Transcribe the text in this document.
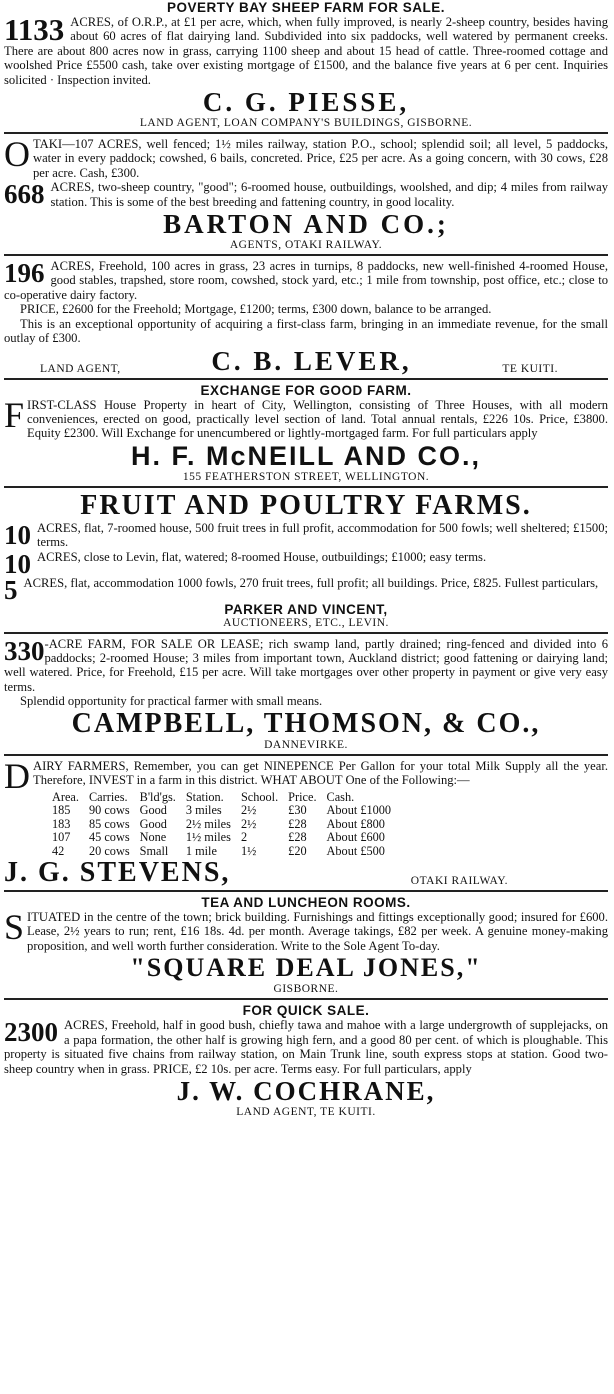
POVERTY BAY SHEEP FARM FOR SALE.

1133 ACRES, of O.R.P., at £1 per acre, which, when fully improved, is nearly 2-sheep country, besides having about 60 acres of flat dairying land. Subdivided into six paddocks, well watered by permanent creeks. There are about 800 acres now in grass, carrying 1100 sheep and about 15 head of cattle. Three-roomed cottage and woolshed Price £5500 cash, take over existing mortgage of £1500, and the balance five years at 6 per cent. Inquiries solicited · Inspection invited.

C. G. PIESSE,
LAND AGENT, LOAN COMPANY'S BUILDINGS, GISBORNE.

OTAKI—107 ACRES, well fenced; 1½ miles railway, station P.O., school; splendid soil; all level, 5 paddocks, water in every paddock; cowshed, 6 bails, concreted. Price, £25 per acre. As a going concern, with 30 cows, £28 per acre. Cash, £300.

668 ACRES, two-sheep country, "good"; 6-roomed house, outbuildings, woolshed, and dip; 4 miles from railway station. This is some of the best breeding and fattening country, in good locality.

BARTON AND CO.;
AGENTS, OTAKI RAILWAY.

196 ACRES, Freehold, 100 acres in grass, 23 acres in turnips, 8 paddocks, new well-finished 4-roomed House, good stables, trapshed, store room, cowshed, stock yard, etc.; 1 mile from township, post office, etc.; close to co-operative dairy factory.

PRICE, £2600 for the Freehold; Mortgage, £1200; terms, £300 down, balance to be arranged.

This is an exceptional opportunity of acquiring a first-class farm, bringing in an immediate revenue, for the small outlay of £300.

LAND AGENT,	C. B. LEVER,	TE KUITI.
EXCHANGE FOR GOOD FARM.

FIRST-CLASS House Property in heart of City, Wellington, consisting of Three Houses, with all modern conveniences, erected on good, practically level section of land. Total annual rentals, £226 10s. Price, £3800. Equity £2300. Will Exchange for unencumbered or lightly-mortgaged farm. For full particulars apply

H. F. McNEILL AND CO.,
155 FEATHERSTON STREET, WELLINGTON.
FRUIT AND POULTRY FARMS.

10 ACRES, flat, 7-roomed house, 500 fruit trees in full profit, accommodation for 500 fowls; well sheltered; £1500; terms.

10 ACRES, close to Levin, flat, watered; 8-roomed House, outbuildings; £1000; easy terms.

5 ACRES, flat, accommodation 1000 fowls, 270 fruit trees, full profit; all buildings. Price, £825. Fullest particulars,

PARKER AND VINCENT,
AUCTIONEERS, ETC., LEVIN.

330 -ACRE FARM, FOR SALE OR LEASE; rich swamp land, partly drained; ring-fenced and divided into 6 paddocks; 2-roomed House; 3 miles from important town, Auckland district; good fattening or dairying land; well watered. Price, for Freehold, £15 per acre. Will take mortgages over other property in payment or give very easy terms.

Splendid opportunity for practical farmer with small means.

CAMPBELL, THOMSON, & CO.,
DANNEVIRKE.

DAIRY FARMERS, Remember, you can get NINEPENCE Per Gallon for your total Milk Supply all the year. Therefore, INVEST in a farm in this district. WHAT ABOUT One of the Following:—

Area.	Carries.	B'ld'gs.	Station.	School.	Price.	Cash.
185	90 cows	Good	3 miles	2½	£30	About £1000
183	85 cows	Good	2½ miles	2½	£28	About £800
107	45 cows	None	1½ miles	2	£28	About £600
42	20 cows	Small	1 mile	1½	£20	About £500
J. G. STEVENS,	OTAKI RAILWAY.
TEA AND LUNCHEON ROOMS.

SITUATED in the centre of the town; brick building. Furnishings and fittings exceptionally good; insured for £600. Lease, 2½ years to run; rent, £16 18s. 4d. per month. Average takings, £82 per week. A genuine money-making proposition, and well worth further consideration. Write to the Sole Agent To-day.

"SQUARE DEAL JONES,"
GISBORNE.
FOR QUICK SALE.

2300 ACRES, Freehold, half in good bush, chiefly tawa and mahoe with a large undergrowth of supplejacks, on a papa formation, the other half is growing high fern, and a good 80 per cent. of which is ploughable. This property is situated five chains from railway station, on Main Trunk line, south express stops at station. Good two-sheep country when in grass. PRICE, £2 10s. per acre. Terms easy. For full particulars, apply

J. W. COCHRANE,
LAND AGENT, TE KUITI.
